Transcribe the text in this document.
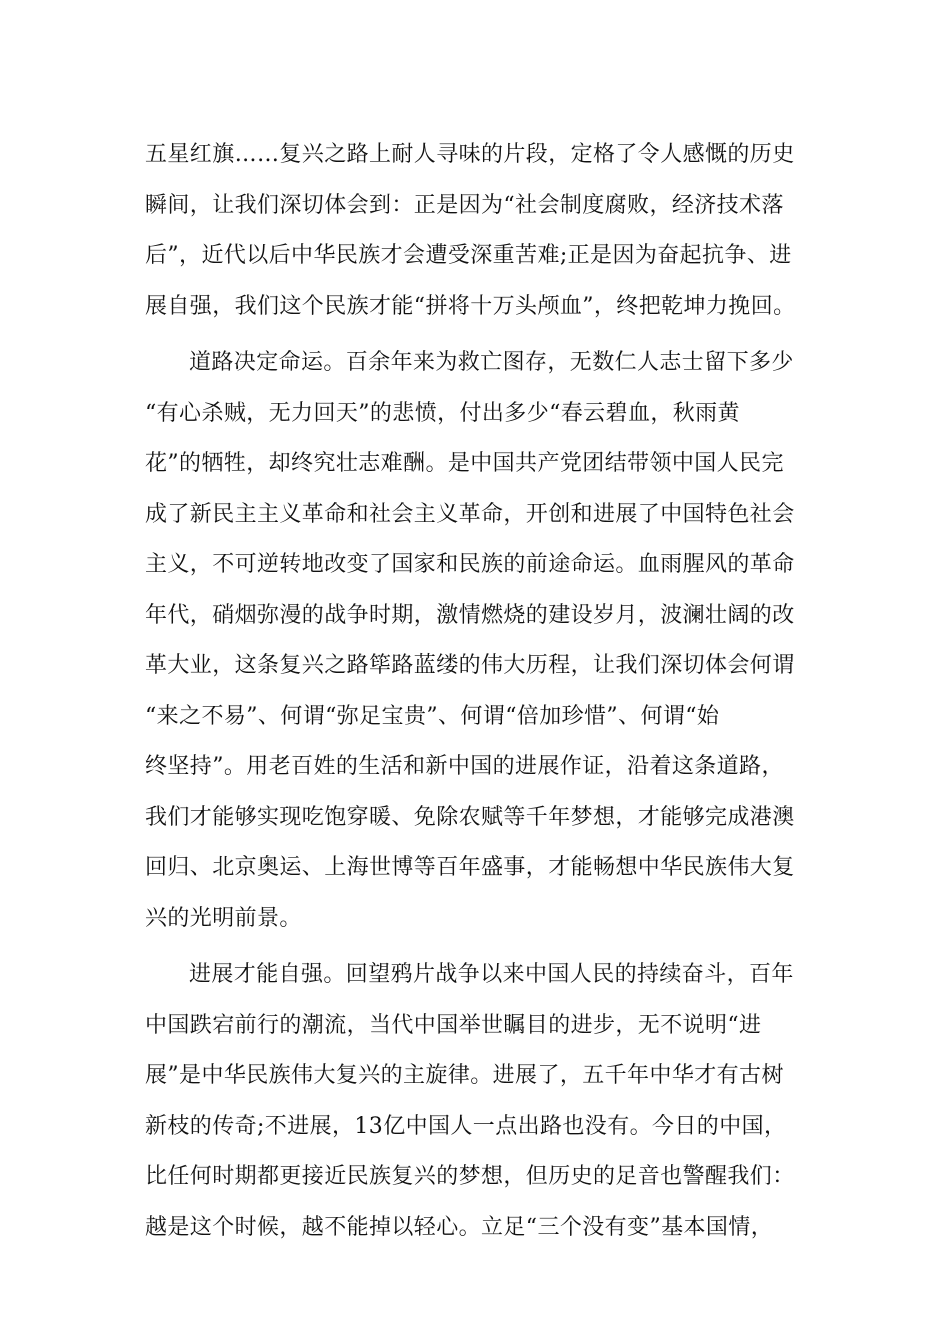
五星红旗……复兴之路上耐人寻味的片段，定格了令人感慨的历史
瞬间，让我们深切体会到：正是因为“社会制度腐败，经济技术落
后”，近代以后中华民族才会遭受深重苦难;正是因为奋起抗争、进
展自强，我们这个民族才能“拼将十万头颅血”，终把乾坤力挽回。
道路决定命运。百余年来为救亡图存，无数仁人志士留下多少
“有心杀贼，无力回天”的悲愤，付出多少“春云碧血，秋雨黄
花”的牺牲，却终究壮志难酬。是中国共产党团结带领中国人民完
成了新民主主义革命和社会主义革命，开创和进展了中国特色社会
主义，不可逆转地改变了国家和民族的前途命运。血雨腥风的革命
年代，硝烟弥漫的战争时期，激情燃烧的建设岁月，波澜壮阔的改
革大业，这条复兴之路筚路蓝缕的伟大历程，让我们深切体会何谓
“来之不易”、何谓“弥足宝贵”、何谓“倍加珍惜”、何谓“始
终坚持”。用老百姓的生活和新中国的进展作证，沿着这条道路，
我们才能够实现吃饱穿暖、免除农赋等千年梦想，才能够完成港澳
回归、北京奥运、上海世博等百年盛事，才能畅想中华民族伟大复
兴的光明前景。
进展才能自强。回望鸦片战争以来中国人民的持续奋斗，百年
中国跌宕前行的潮流，当代中国举世瞩目的进步，无不说明“进
展”是中华民族伟大复兴的主旋律。进展了，五千年中华才有古树
新枝的传奇;不进展，13亿中国人一点出路也没有。今日的中国，
比任何时期都更接近民族复兴的梦想，但历史的足音也警醒我们：
越是这个时候，越不能掉以轻心。立足“三个没有变”基本国情，
